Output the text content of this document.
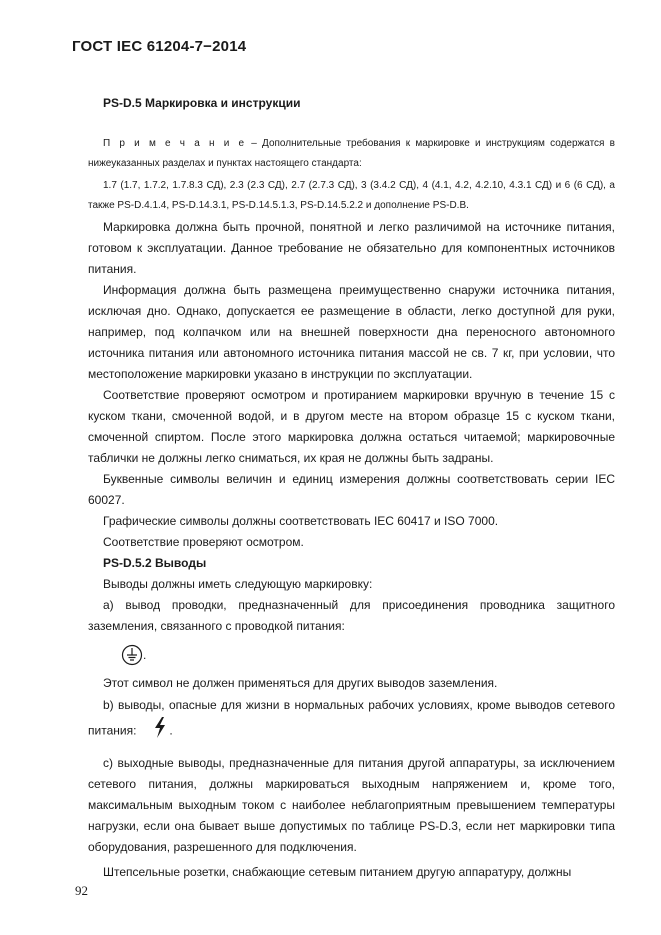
ГОСТ IEC 61204-7−2014
PS-D.5 Маркировка и инструкции

П р и м е ч а н и е – Дополнительные требования к маркировке и инструкциям содержатся в нижеуказанных разделах и пунктах настоящего стандарта:

1.7 (1.7, 1.7.2, 1.7.8.3 СД), 2.3 (2.3 СД), 2.7 (2.7.3 СД), 3 (3.4.2 СД), 4 (4.1, 4.2, 4.2.10, 4.3.1 СД) и 6 (6 СД), а также PS-D.4.1.4, PS-D.14.3.1, PS-D.14.5.1.3, PS-D.14.5.2.2 и дополнение PS-D.B.

Маркировка должна быть прочной, понятной и легко различимой на источнике питания, готовом к эксплуатации. Данное требование не обязательно для компонентных источников питания.

Информация должна быть размещена преимущественно снаружи источника питания, исключая дно. Однако, допускается ее размещение в области, легко доступной для руки, например, под колпачком или на внешней поверхности дна переносного автономного источника питания или автономного источника питания массой не св. 7 кг, при условии, что местоположение маркировки указано в инструкции по эксплуатации.

Соответствие проверяют осмотром и протиранием маркировки вручную в течение 15 с куском ткани, смоченной водой, и в другом месте на втором образце 15 с куском ткани, смоченной спиртом. После этого маркировка должна остаться читаемой; маркировочные таблички не должны легко сниматься, их края не должны быть задраны.

Буквенные символы величин и единиц измерения должны соответствовать серии IEC 60027.

Графические символы должны соответствовать IEC 60417 и ISO 7000.

Соответствие проверяют осмотром.

PS-D.5.2 Выводы

Выводы должны иметь следующую маркировку:

a) вывод проводки, предназначенный для присоединения проводника защитного заземления, связанного с проводкой питания:

.

Этот символ не должен применяться для других выводов заземления.

b) выводы, опасные для жизни в нормальных рабочих условиях, кроме выводов сетевого питания:	.

c) выходные выводы, предназначенные для питания другой аппаратуры, за исключением сетевого питания, должны маркироваться выходным напряжением и, кроме того, максимальным выходным током с наиболее неблагоприятным превышением температуры нагрузки, если она бывает выше допустимых по таблице PS-D.3, если нет маркировки типа оборудования, разрешенного для подключения.

Штепсельные розетки, снабжающие сетевым питанием другую аппаратуру, должны

92
